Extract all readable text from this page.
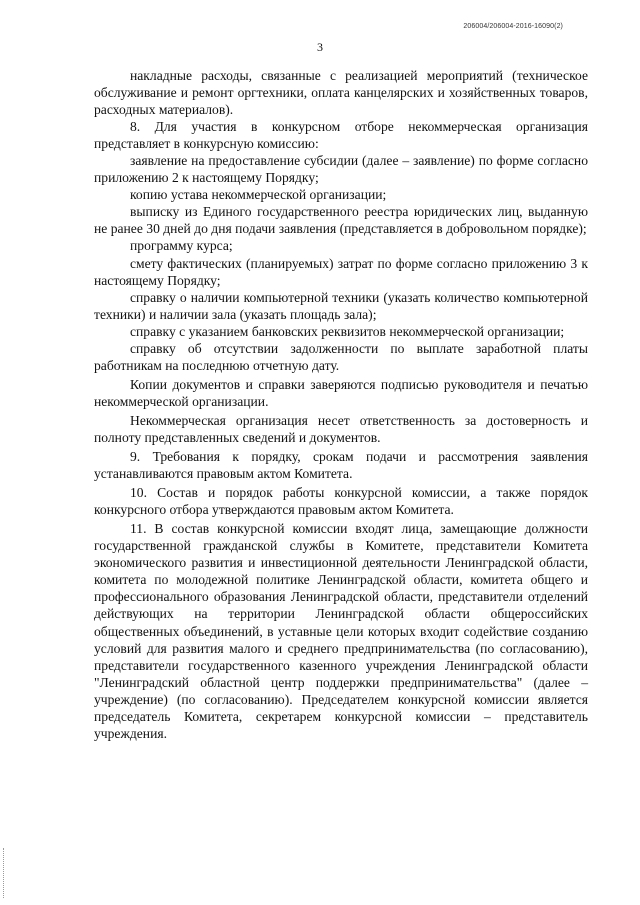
206004/206004-2016-16090(2)
3

накладные расходы, связанные с реализацией мероприятий (техническое обслуживание и ремонт оргтехники, оплата канцелярских и хозяйственных товаров, расходных материалов).

8. Для участия в конкурсном отборе некоммерческая организация представляет в конкурсную комиссию:

заявление на предоставление субсидии (далее – заявление) по форме согласно приложению 2 к настоящему Порядку;

копию устава некоммерческой организации;

выписку из Единого государственного реестра юридических лиц, выданную не ранее 30 дней до дня подачи заявления (представляется в добровольном порядке);

программу курса;

смету фактических (планируемых) затрат по форме согласно приложению 3 к настоящему Порядку;

справку о наличии компьютерной техники (указать количество компьютерной техники) и наличии зала (указать площадь зала);

справку с указанием банковских реквизитов некоммерческой организации;

справку об отсутствии задолженности по выплате заработной платы работникам на последнюю отчетную дату.

Копии документов и справки заверяются подписью руководителя и печатью некоммерческой организации.

Некоммерческая организация несет ответственность за достоверность и полноту представленных сведений и документов.

9. Требования к порядку, срокам подачи и рассмотрения заявления устанавливаются правовым актом Комитета.

10. Состав и порядок работы конкурсной комиссии, а также порядок конкурсного отбора утверждаются правовым актом Комитета.

11. В состав конкурсной комиссии входят лица, замещающие должности государственной гражданской службы в Комитете, представители Комитета экономического развития и инвестиционной деятельности Ленинградской области, комитета по молодежной политике Ленинградской области, комитета общего и профессионального образования Ленинградской области, представители отделений действующих на территории Ленинградской области общероссийских общественных объединений, в уставные цели которых входит содействие созданию условий для развития малого и среднего предпринимательства (по согласованию), представители государственного казенного учреждения Ленинградской области "Ленинградский областной центр поддержки предпринимательства" (далее – учреждение) (по согласованию). Председателем конкурсной комиссии является председатель Комитета, секретарем конкурсной комиссии – представитель учреждения.
